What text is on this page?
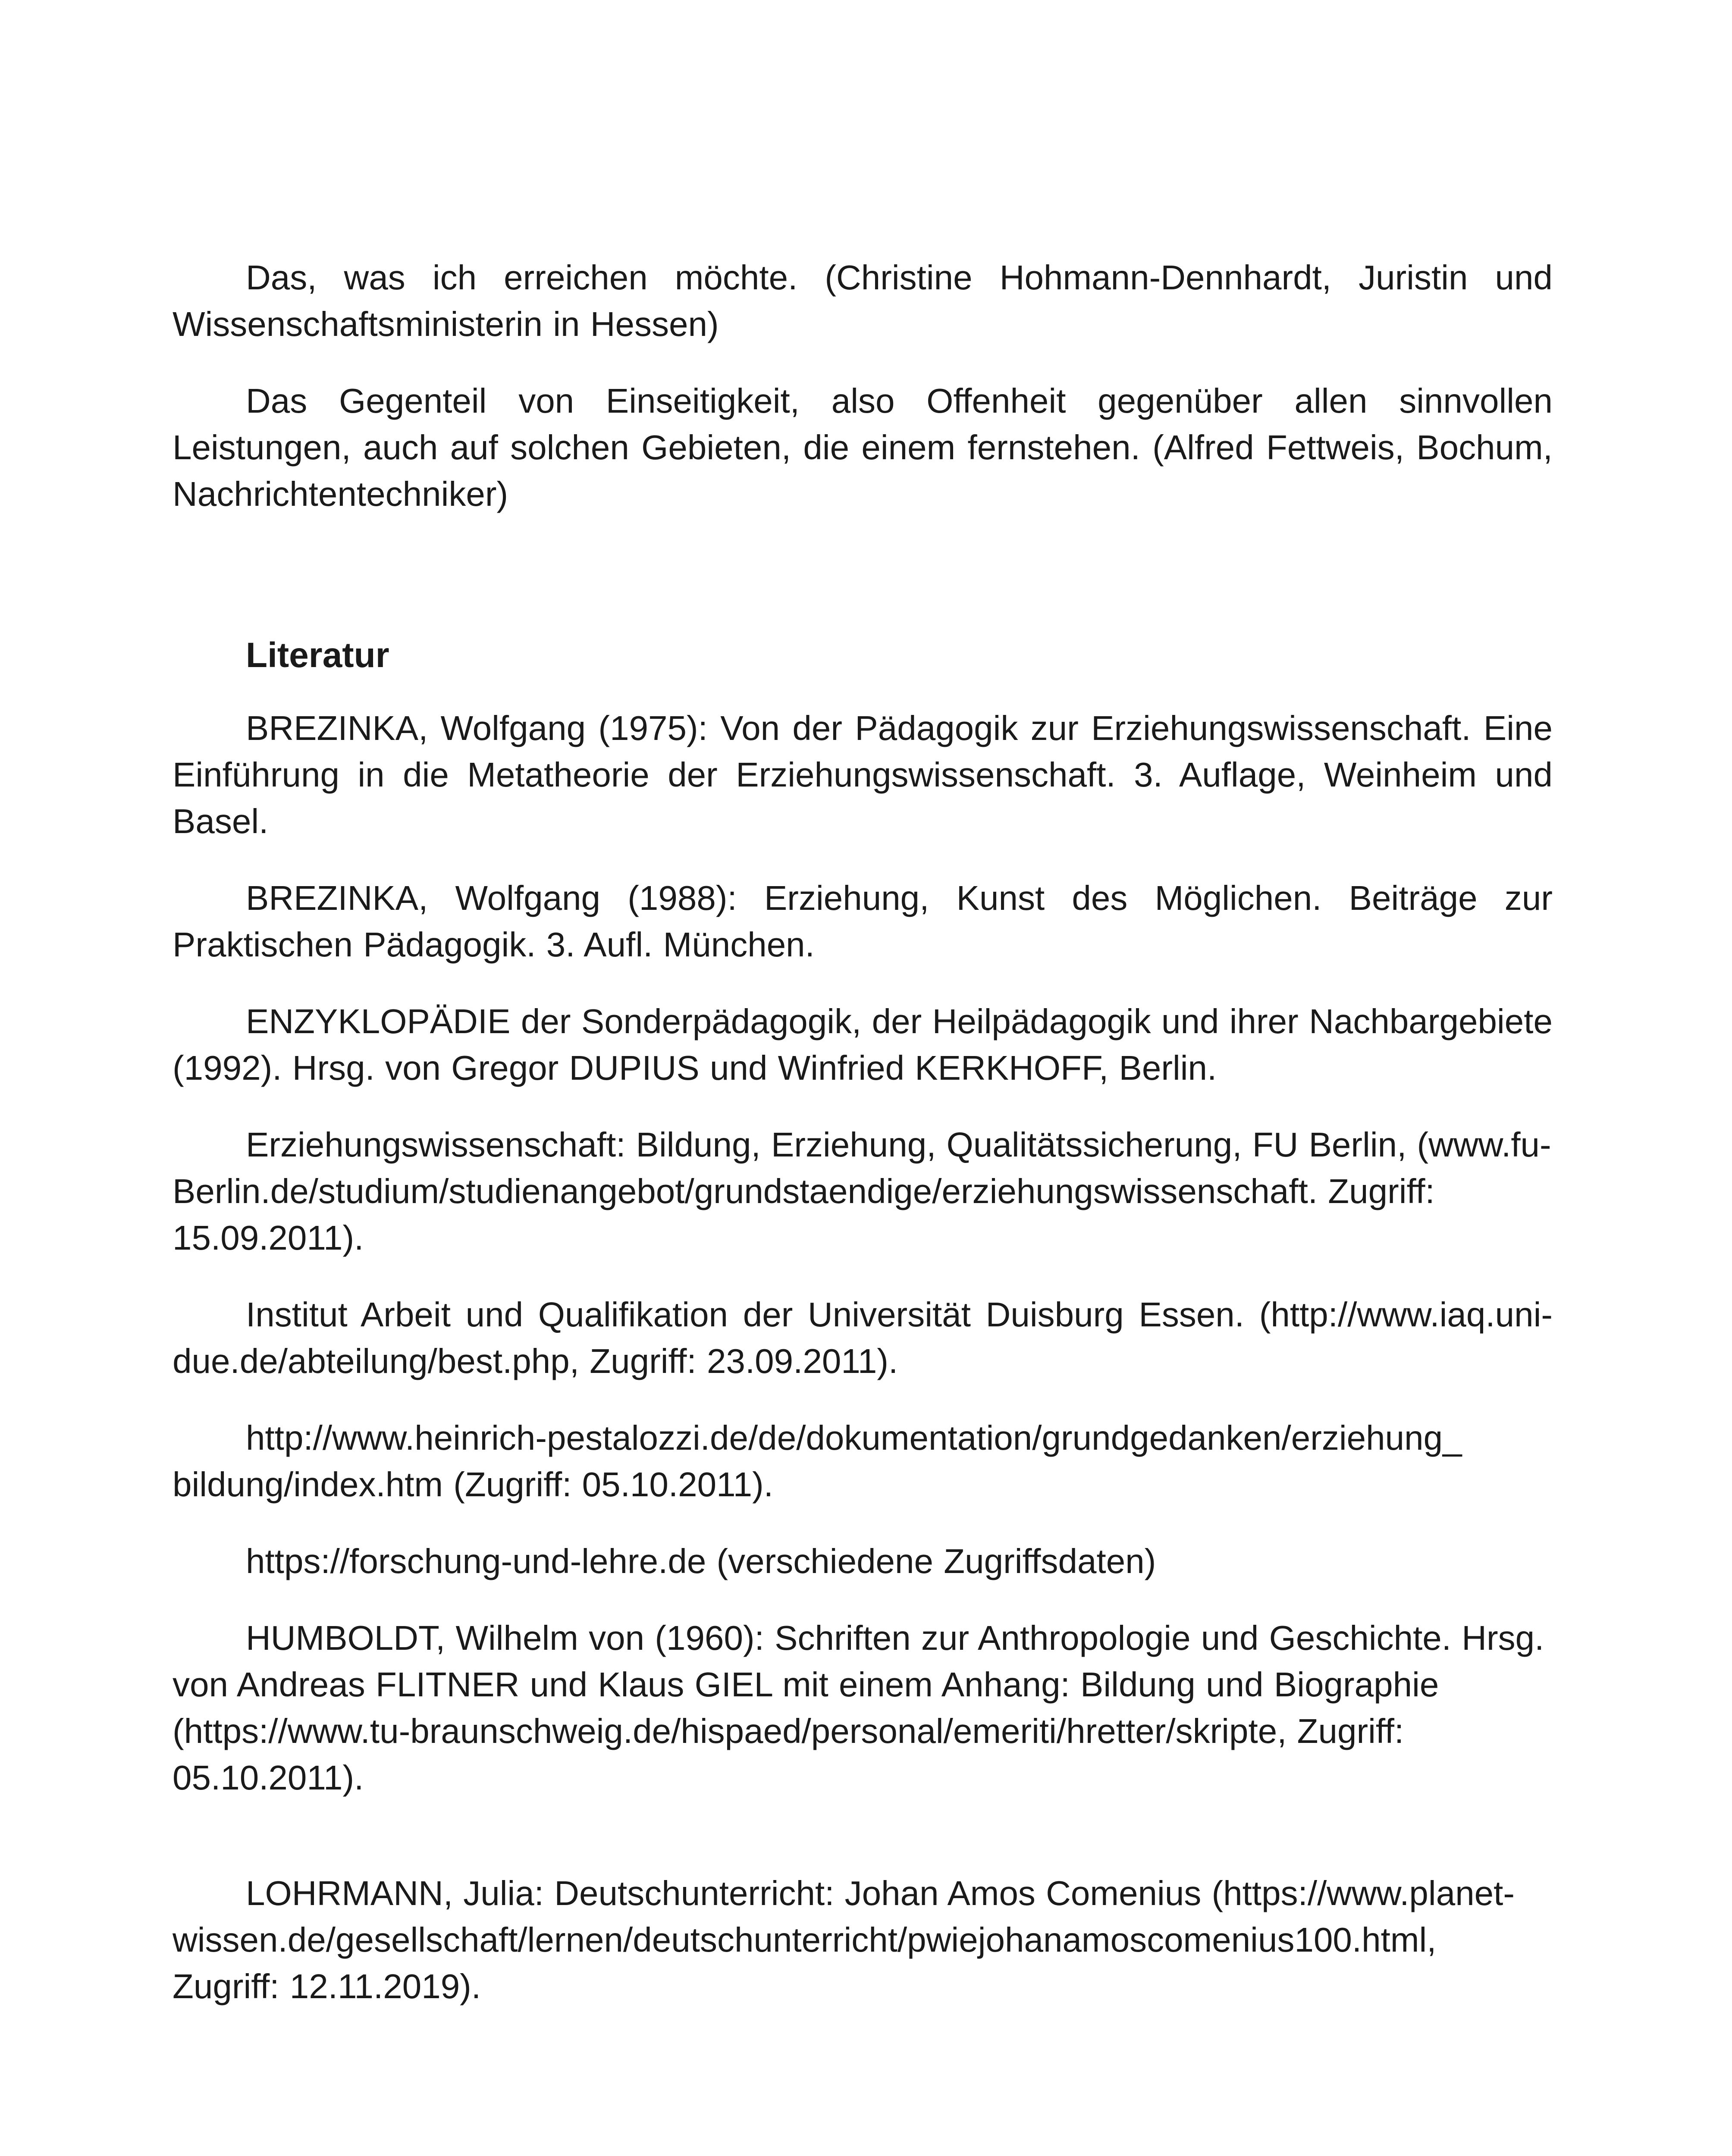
Das, was ich erreichen möchte. (Christine Hohmann-Dennhardt, Juristin und Wissenschaftsministerin in Hessen)

Das Gegenteil von Einseitigkeit, also Offenheit gegenüber allen sinnvollen Leistungen, auch auf solchen Gebieten, die einem fernstehen. (Alfred Fettweis, Bochum, Nachrichtentechniker)

Literatur

BREZINKA, Wolfgang (1975): Von der Pädagogik zur Erziehungswissenschaft. Eine Einführung in die Metatheorie der Erziehungswissenschaft. 3. Auflage, Weinheim und Basel.

BREZINKA, Wolfgang (1988): Erziehung, Kunst des Möglichen. Beiträge zur Praktischen Pädagogik. 3. Aufl. München.

ENZYKLOPÄDIE der Sonderpädagogik, der Heilpädagogik und ihrer Nachbargebiete (1992). Hrsg. von Gregor DUPIUS und Winfried KERKHOFF, Berlin.

Erziehungswissenschaft: Bildung, Erziehung, Qualitätssicherung, FU Berlin, (www.fu-Berlin.de/studium/studienangebot/grundstaendige/erziehungswissenschaft. Zugriff: 15.09.2011).

Institut Arbeit und Qualifikation der Universität Duisburg Essen. (http://www.iaq.uni-due.de/abteilung/best.php, Zugriff: 23.09.2011).

http://www.heinrich-pestalozzi.de/de/dokumentation/grundgedanken/erziehung_ bildung/index.htm (Zugriff: 05.10.2011).

https://forschung-und-lehre.de (verschiedene Zugriffsdaten)

HUMBOLDT, Wilhelm von (1960): Schriften zur Anthropologie und Geschichte. Hrsg. von Andreas FLITNER und Klaus GIEL mit einem Anhang: Bildung und Biographie (https://www.tu-braunschweig.de/hispaed/personal/emeriti/hretter/skripte, Zugriff: 05.10.2011).

LOHRMANN, Julia: Deutschunterricht: Johan Amos Comenius (https://www.planet-wissen.de/gesellschaft/lernen/deutschunterricht/pwiejohanamoscomenius100.html, Zugriff: 12.11.2019).
